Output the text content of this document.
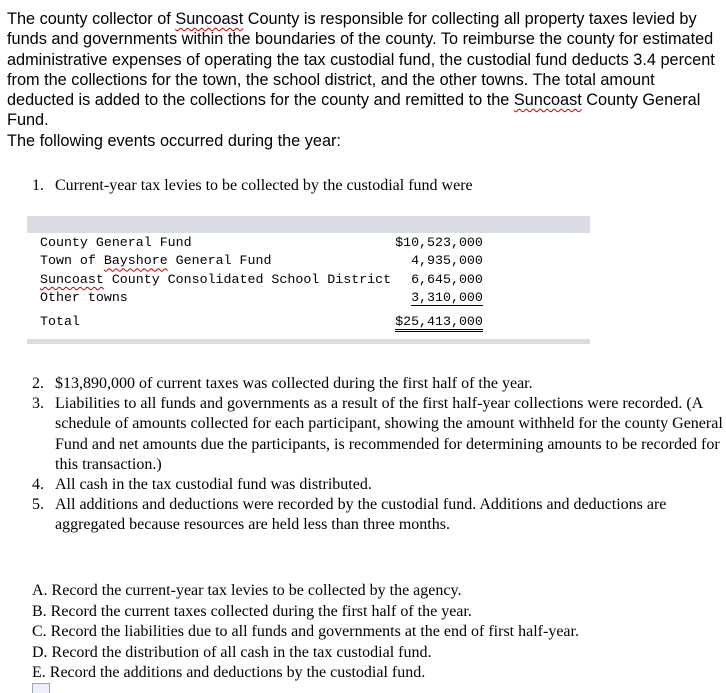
The county collector of Suncoast County is responsible for collecting all property taxes levied by funds and governments within the boundaries of the county. To reimburse the county for estimated administrative expenses of operating the tax custodial fund, the custodial fund deducts 3.4 percent from the collections for the town, the school district, and the other towns. The total amount deducted is added to the collections for the county and remitted to the Suncoast County General Fund.

The following events occurred during the year:

1. Current-year tax levies to be collected by the custodial fund were
County General Fund	$10,523,000
Town of Bayshore General Fund	4,935,000
Suncoast County Consolidated School District	6,645,000
Other towns	3,310,000
Total	$25,413,000
2. $13,890,000 of current taxes was collected during the first half of the year.
3. Liabilities to all funds and governments as a result of the first half-year collections were recorded. (A schedule of amounts collected for each participant, showing the amount withheld for the county General Fund and net amounts due the participants, is recommended for determining amounts to be recorded for this transaction.)
4. All cash in the tax custodial fund was distributed.
5. All additions and deductions were recorded by the custodial fund. Additions and deductions are aggregated because resources are held less than three months.
A. Record the current-year tax levies to be collected by the agency.
B. Record the current taxes collected during the first half of the year.
C. Record the liabilities due to all funds and governments at the end of first half-year.
D. Record the distribution of all cash in the tax custodial fund.
E. Record the additions and deductions by the custodial fund.
